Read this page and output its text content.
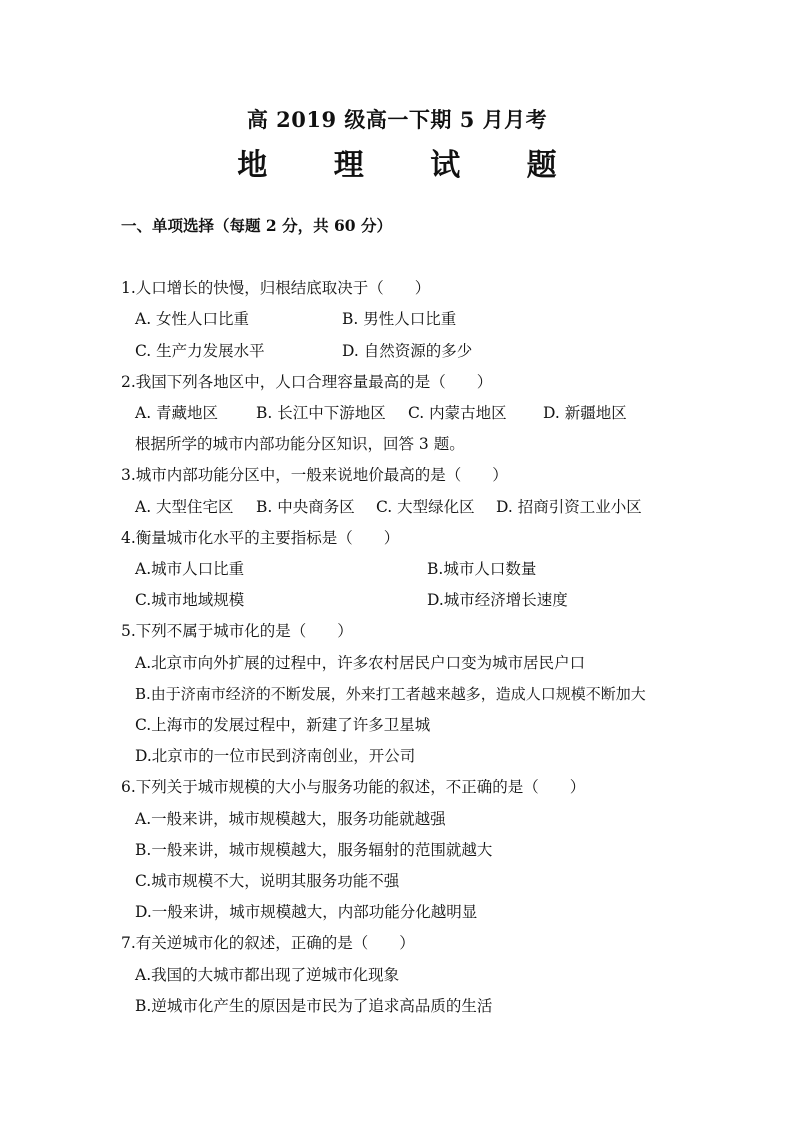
高 2019 级高一下期 5 月月考
地 理 试 题
一、单项选择（每题 2 分，共 60 分）
1.人口增长的快慢，归根结底取决于（　　）
A. 女性人口比重	B. 男性人口比重
C. 生产力发展水平	D. 自然资源的多少
2.我国下列各地区中，人口合理容量最高的是（　　）
A. 青藏地区 B. 长江中下游地区 C. 内蒙古地区 D. 新疆地区
根据所学的城市内部功能分区知识，回答 3 题。
3.城市内部功能分区中，一般来说地价最高的是（　　）
A. 大型住宅区 B. 中央商务区 C. 大型绿化区 D. 招商引资工业小区
4.衡量城市化水平的主要指标是（　　）
A.城市人口比重	B.城市人口数量
C.城市地域规模	D.城市经济增长速度
5.下列不属于城市化的是（　　）
A.北京市向外扩展的过程中，许多农村居民户口变为城市居民户口
B.由于济南市经济的不断发展，外来打工者越来越多，造成人口规模不断加大
C.上海市的发展过程中，新建了许多卫星城
D.北京市的一位市民到济南创业，开公司
6.下列关于城市规模的大小与服务功能的叙述，不正确的是（　　）
A.一般来讲，城市规模越大，服务功能就越强
B.一般来讲，城市规模越大，服务辐射的范围就越大
C.城市规模不大，说明其服务功能不强
D.一般来讲，城市规模越大，内部功能分化越明显
7.有关逆城市化的叙述，正确的是（　　）
A.我国的大城市都出现了逆城市化现象
B.逆城市化产生的原因是市民为了追求高品质的生活
